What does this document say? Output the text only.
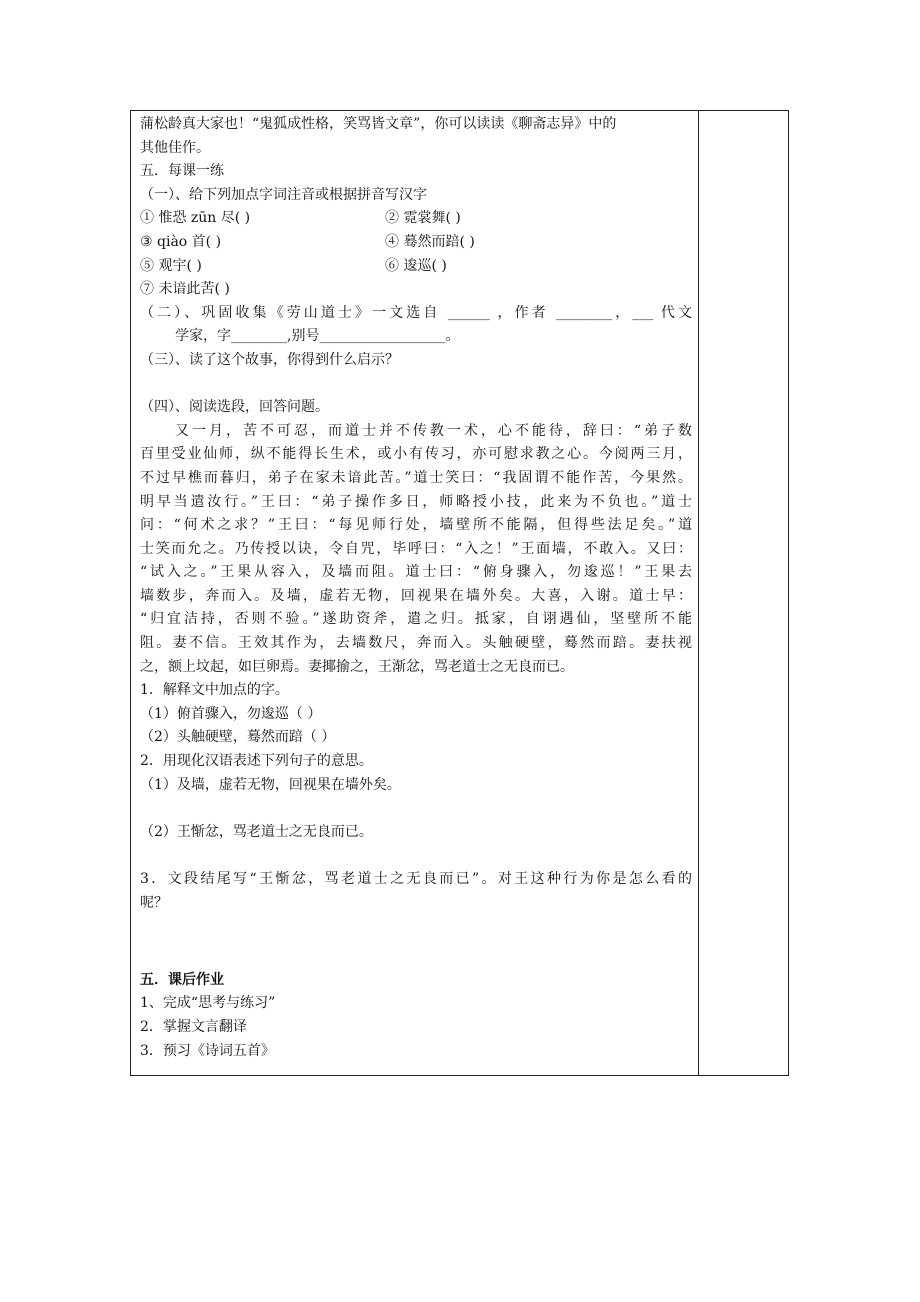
蒲松龄真大家也！“鬼狐成性格，笑骂皆文章”，你可以读读《聊斋志异》中的
其他佳作。
五．每课一练
（一）、给下列加点字词注音或根据拼音写汉字
① 惟恐 zūn 尽( )	② 霓裳舞( )
③ qiào 首( )	④ 蓦然而踣( )
⑤ 观宇( )	⑥ 逡巡( )
⑦ 未谙此苦( )
（二）、巩固收集《劳山道士》一文选自 ______ ，作者 ________，___ 代文
学家，字________,别号__________________。
（三）、读了这个故事，你得到什么启示？
（四）、阅读选段，回答问题。
又一月，苦不可忍，而道士并不传教一术，心不能待，辞曰：“弟子数
百里受业仙师，纵不能得长生术，或小有传习，亦可慰求教之心。今阅两三月，
不过早樵而暮归，弟子在家未谙此苦。”道士笑曰：“我固谓不能作苦，今果然。
明早当遣汝行。”王曰：“弟子操作多日，师略授小技，此来为不负也。”道士
问：“何术之求？”王曰：“每见师行处，墙壁所不能隔，但得些法足矣。”道
士笑而允之。乃传授以诀，令自咒，毕呼曰：“入之！”王面墙，不敢入。又曰：
“试入之。”王果从容入，及墙而阻。道士曰：“俯身骤入，勿逡巡！”王果去
墙数步，奔而入。及墙，虚若无物，回视果在墙外矣。大喜，入谢。道士早：
“归宜洁持，否则不验。”遂助资斧，遣之归。抵家，自诩遇仙，坚壁所不能
阻。妻不信。王效其作为，去墙数尺，奔而入。头触硬壁，蓦然而踣。妻扶视
之，额上坟起，如巨卵焉。妻揶揄之，王渐忿，骂老道士之无良而已。
1．解释文中加点的字。
（1）俯首骤入，勿逡巡（ ）
（2）头触硬壁，蓦然而踣（ ）
2．用现化汉语表述下列句子的意思。
（1）及墙，虚若无物，回视果在墙外矣。
（2）王惭忿，骂老道士之无良而已。
3．文段结尾写“王惭忿，骂老道士之无良而已”。对王这种行为你是怎么看的
呢？
五．课后作业
1、完成“思考与练习”
2．掌握文言翻译
3．预习《诗词五首》
